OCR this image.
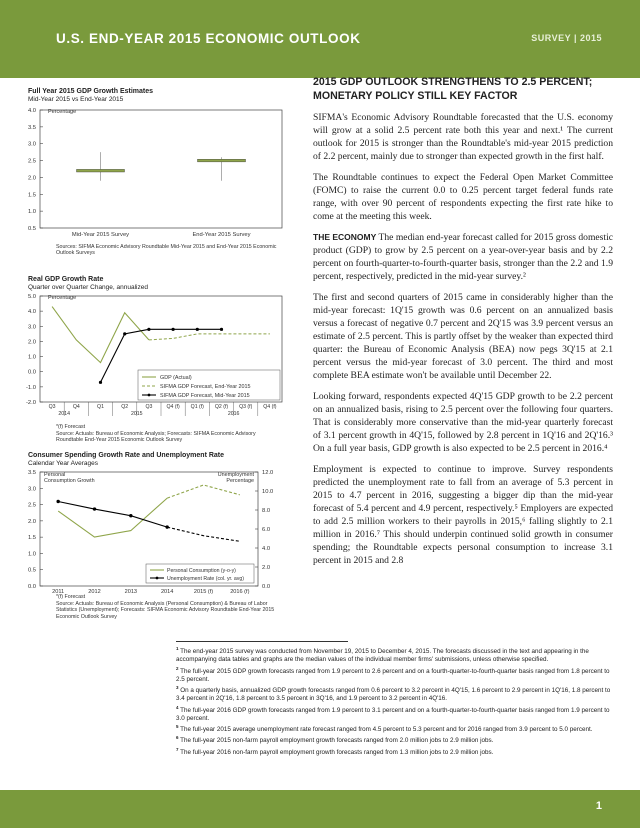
U.S. END-YEAR 2015 ECONOMIC OUTLOOK	SURVEY | 2015
Full Year 2015 GDP Growth Estimates
Mid-Year 2015 vs End-Year 2015
Percentage
0.5
1.0
1.5
2.0
2.5
3.0
3.5
4.0
Mid-Year 2015 Survey	End-Year 2015 Survey
Sources: SIFMA Economic Advisory Roundtable Mid-Year 2015 and End-Year 2015 Economic Outlook Surveys
Real GDP Growth Rate
Quarter over Quarter Change, annualized
Percentage
-2.0
-1.0
0.0
1.0
2.0
3.0
4.0
5.0
Q3	Q4	Q1	Q2	Q3	Q4 (f) Q1 (f) Q2 (f) Q3 (f) Q4 (f)
2014	2015	2016
GDP (Actual)
SIFMA GDP Forecast, End-Year 2015
SIFMA GDP Forecast, Mid-Year 2015
*(f) Forecast
Source: Actuals: Bureau of Economic Analysis; Forecasts: SIFMA Economic Advisory Roundtable End-Year 2015 Economic Outlook Survey
Consumer Spending Growth Rate and Unemployment Rate
Calendar Year Averages
Personal
Consumption Growth
Unemployment
Percentage
0.0
0.5
1.0
1.5
2.0
2.5
3.0
3.5
0.0
2.0
4.0
6.0
8.0
10.0
12.0
2011	2012	2013	2014	2015 (f)	2016 (f)
Personal Consumption (y-o-y)
Unemployment Rate (col. yr. avg)
*(f) Forecast
Source: Actuals: Bureau of Economic Analysis (Personal Consumption) & Bureau of Labor Statistics (Unemployment); Forecasts: SIFMA Economic Advisory Roundtable End-Year 2015 Economic Outlook Survey
2015 GDP OUTLOOK STRENGTHENS TO 2.5 PERCENT; MONETARY POLICY STILL KEY FACTOR

SIFMA's Economic Advisory Roundtable forecasted that the U.S. economy will grow at a solid 2.5 percent rate both this year and next.¹ The current outlook for 2015 is stronger than the Roundtable's mid-year 2015 prediction of 2.2 percent, mainly due to stronger than expected growth in the first half.

The Roundtable continues to expect the Federal Open Market Committee (FOMC) to raise the current 0.0 to 0.25 percent target federal funds rate range, with over 90 percent of respondents expecting the first rate hike to come at the meeting this week.

THE ECONOMY The median end-year forecast called for 2015 gross domestic product (GDP) to grow by 2.5 percent on a year-over-year basis and by 2.2 percent on fourth-quarter-to-fourth-quarter basis, stronger than the 2.2 and 1.9 percent, respectively, predicted in the mid-year survey.²

The first and second quarters of 2015 came in considerably higher than the mid-year forecast: 1Q'15 growth was 0.6 percent on an annualized basis versus a forecast of negative 0.7 percent and 2Q'15 was 3.9 percent versus an estimate of 2.5 percent. This is partly offset by the weaker than expected third quarter: the Bureau of Economic Analysis (BEA) now pegs 3Q'15 at 2.1 percent versus the mid-year forecast of 3.0 percent. The third and most complete BEA estimate won't be available until December 22.

Looking forward, respondents expected 4Q'15 GDP growth to be 2.2 percent on an annualized basis, rising to 2.5 percent over the following four quarters. That is considerably more conservative than the mid-year quarterly forecast of 3.1 percent growth in 4Q'15, followed by 2.8 percent in 1Q'16 and 2Q'16.³ On a full year basis, GDP growth is also expected to be 2.5 percent in 2016.⁴

Employment is expected to continue to improve. Survey respondents predicted the unemployment rate to fall from an average of 5.3 percent in 2015 to 4.7 percent in 2016, suggesting a bigger dip than the mid-year forecast of 5.4 percent and 4.9 percent, respectively.⁵ Employers are expected to add 2.5 million workers to their payrolls in 2015,⁶ falling slightly to 2.1 million in 2016.⁷ This should underpin continued solid growth in consumer spending; the Roundtable expects personal consumption to increase 3.1 percent in 2015 and 2.8

$^1$ The end-year 2015 survey was conducted from November 19, 2015 to December 4, 2015. The forecasts discussed in the text and appearing in the accompanying data tables and graphs are the median values of the individual member firms' submissions, unless otherwise specified.

$^2$ The full-year 2015 GDP growth forecasts ranged from 1.9 percent to 2.6 percent and on a fourth-quarter-to-fourth-quarter basis ranged from 1.8 percent to 2.5 percent.

$^3$ On a quarterly basis, annualized GDP growth forecasts ranged from 0.6 percent to 3.2 percent in 4Q'15, 1.6 percent to 2.9 percent in 1Q'16, 1.8 percent to 3.4 percent in 2Q'16, 1.8 percent to 3.5 percent in 3Q'16, and 1.9 percent to 3.2 percent in 4Q'16.

$^4$ The full-year 2016 GDP growth forecasts ranged from 1.9 percent to 3.1 percent and on a fourth-quarter-to-fourth-quarter basis ranged from 1.9 percent to 3.0 percent.

$^5$ The full-year 2015 average unemployment rate forecast ranged from 4.5 percent to 5.3 percent and for 2016 ranged from 3.9 percent to 5.0 percent.

$^6$ The full-year 2015 non-farm payroll employment growth forecasts ranged from 2.0 million jobs to 2.9 million jobs.

$^7$ The full-year 2016 non-farm payroll employment growth forecasts ranged from 1.3 million jobs to 2.9 million jobs.

1
